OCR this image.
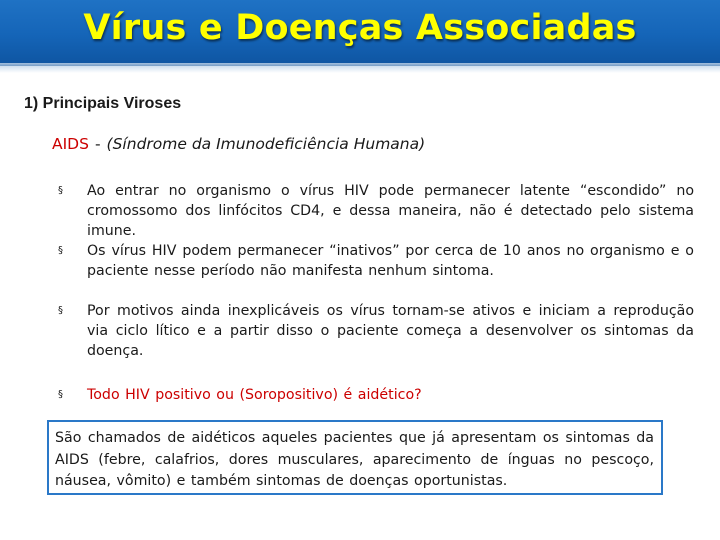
Vírus e Doenças Associadas
1) Principais Viroses
AIDS - (Síndrome da Imunodeficiência Humana)
§ Ao entrar no organismo o vírus HIV pode permanecer latente “escondido” no cromossomo dos linfócitos CD4, e dessa maneira, não é detectado pelo sistema imune.
§ Os vírus HIV podem permanecer “inativos” por cerca de 10 anos no organismo e o paciente nesse período não manifesta nenhum sintoma.
§ Por motivos ainda inexplicáveis os vírus tornam-se ativos e iniciam a reprodução via ciclo lítico e a partir disso o paciente começa a desenvolver os sintomas da doença.
§ Todo HIV positivo ou (Soropositivo) é aidético?
São chamados de aidéticos aqueles pacientes que já apresentam os sintomas da AIDS (febre, calafrios, dores musculares, aparecimento de ínguas no pescoço, náusea, vômito) e também sintomas de doenças oportunistas.
